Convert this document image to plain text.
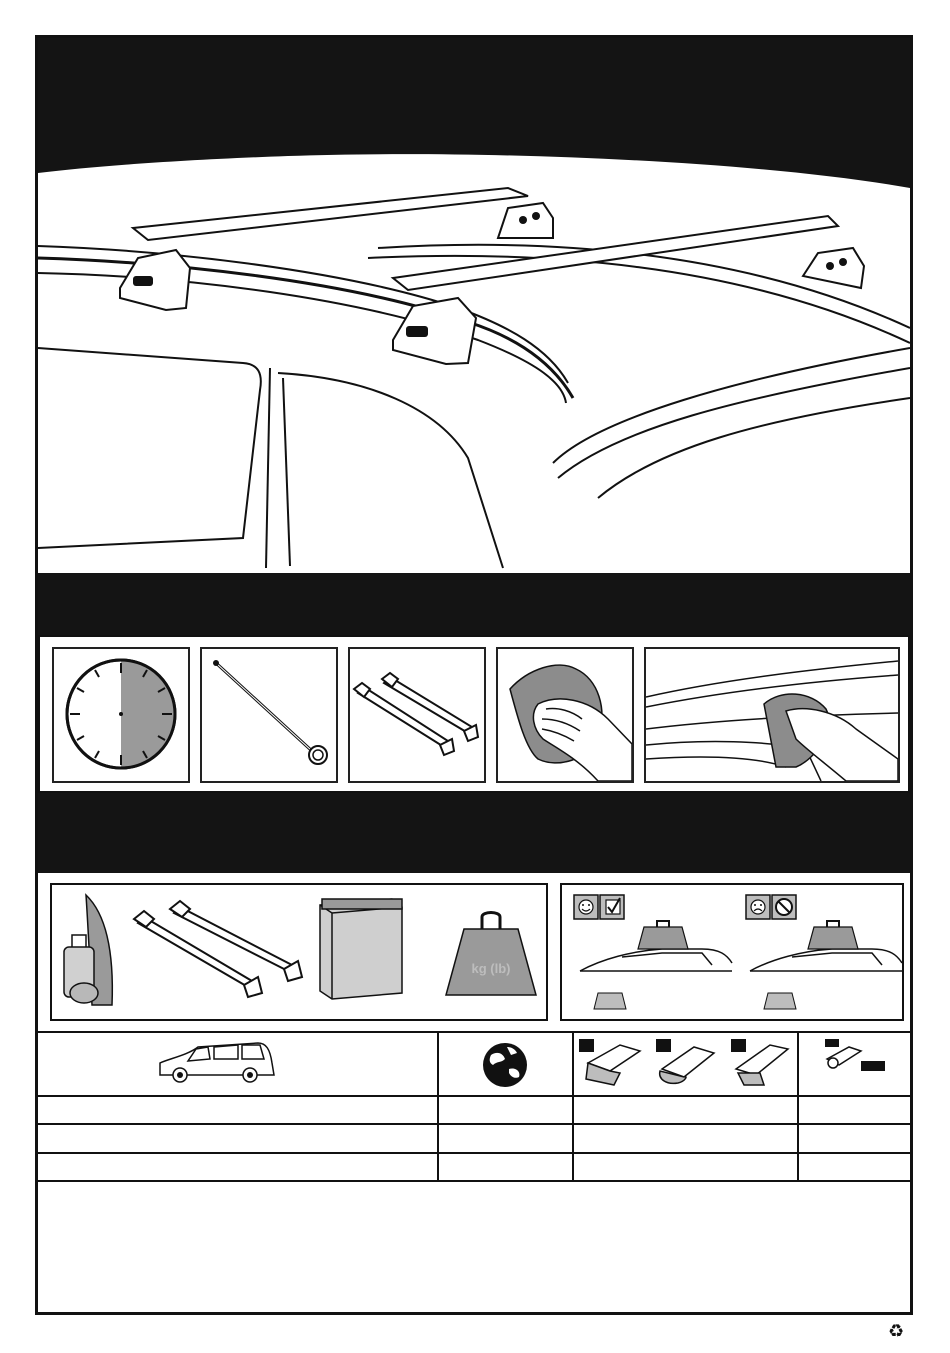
kg (lb)
♻
